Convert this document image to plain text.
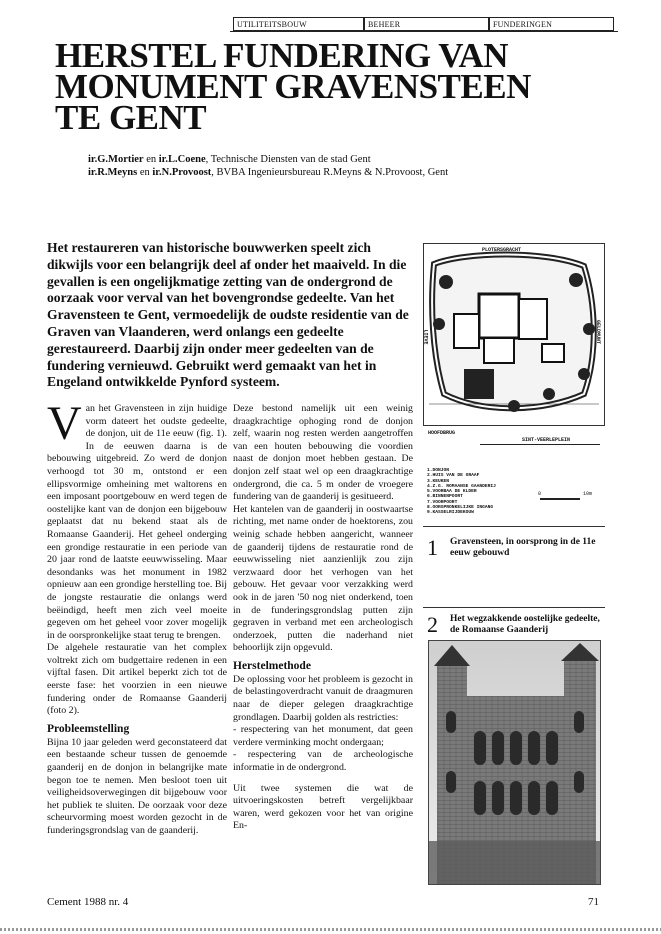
UTILITEITSBOUW	BEHEER	FUNDERINGEN
HERSTEL FUNDERING VAN MONUMENT GRAVENSTEEN TE GENT
ir.G.Mortier en ir.L.Coene, Technische Diensten van de stad Gent
ir.R.Meyns en ir.N.Provoost, BVBA Ingenieursbureau R.Meyns & N.Provoost, Gent

Het restaureren van historische bouwwerken speelt zich dikwijls voor een belangrijk deel af onder het maaiveld. In die gevallen is een ongelijkmatige zetting van de ondergrond de oorzaak voor verval van het bovengrondse gedeelte. Van het Gravensteen te Gent, vermoedelijk de oudste residentie van de Graven van Vlaanderen, werd onlangs een gedeelte gerestaureerd. Daarbij zijn onder meer gedeelten van de fundering vernieuwd. Gebruikt werd gemaakt van het in Engeland ontwikkelde Pynford systeem.

Van het Gravensteen in zijn huidige vorm dateert het oudste gedeelte, de donjon, uit de 11e eeuw (fig. 1). In de eeuwen daarna is de bebouwing uitgebreid. Zo werd de donjon verhoogd tot 30 m, ontstond er een ellipsvormige omheining met waltorens en een imposant poortgebouw en werd tegen de oostelijke kant van de donjon een bijgebouw geplaatst dat nu bekend staat als de Romaanse Gaanderij. Het geheel onderging een grondige restauratie in een periode van 20 jaar rond de laatste eeuwwisseling. Maar desondanks was het monument in 1982 opnieuw aan een grondige herstelling toe. Bij de jongste restauratie die onlangs werd beëindigd, heeft men zich veel moeite gegeven om het geheel voor zover mogelijk in de oorspronkelijke staat terug te brengen.

De algehele restauratie van het complex voltrekt zich om budgettaire redenen in een vijftal fasen. Dit artikel beperkt zich tot de eerste fase: het voorzien in een nieuwe fundering onder de Romaanse Gaanderij (foto 2).

Probleemstelling

Bijna 10 jaar geleden werd geconstateerd dat een bestaande scheur tussen de genoemde gaanderij en de donjon in belangrijke mate begon toe te nemen. Men besloot toen uit veiligheidsoverwegingen dit bijgebouw voor het publiek te sluiten. De oorzaak voor deze scheurvorming moest worden gezocht in de funderingsgrondslag van de gaanderij.

Deze bestond namelijk uit een weinig draagkrachtige ophoging rond de donjon zelf, waarin nog resten werden aangetroffen van een houten bebouwing die voordien naast de donjon moet hebben gestaan. De donjon zelf staat wel op een draagkrachtige ondergrond, die ca. 5 m onder de vroegere fundering van de gaanderij is gesitueerd.

Het kantelen van de gaanderij in oostwaartse richting, met name onder de hoektorens, zou weinig schade hebben aangericht, wanneer de gaanderij tijdens de restauratie rond de eeuwwisseling niet aanzienlijk zou zijn verzwaard door het verhogen van het gebouw. Het gevaar voor verzakking werd ook in de jaren '50 nog niet onderkend, toen in de funderingsgrondslag putten zijn gegraven in verband met een archeologisch onderzoek, putten die naderhand niet behoorlijk zijn opgevuld.

Herstelmethode

De oplossing voor het probleem is gezocht in de belastingoverdracht vanuit de draagmuren naar de dieper gelegen draagkrachtige grondlagen. Daarbij golden als restricties:

- respectering van het monument, dat geen verdere verminking mocht ondergaan;

- respectering van de archeologische informatie in de ondergrond.

Uit twee systemen die wat de uitvoeringskosten betreft vergelijkbaar waren, werd gekozen voor het van origine En-

PLOTERSGRACHT
LIEVE	GELDMUNT
HOOFDBRUG
SINT-VEERLEPLEIN
1.DONJON
2.HUIS VAN DE GRAAF
3.KEUKEN
4.Z.G. ROMAANSE GAANDERIJ
5.VOORBAA DE KLDER
6.BINNENPOORT
7.VOORPOORT
8.OORSPRONKELIJKE INGANG
9.KASSELRIJDEKOUW
0	10m
1 Gravensteen, in oorsprong in de 11e eeuw gebouwd
2 Het wegzakkende oostelijke gedeelte, de Romaanse Gaanderij
Cement 1988 nr. 4	71
